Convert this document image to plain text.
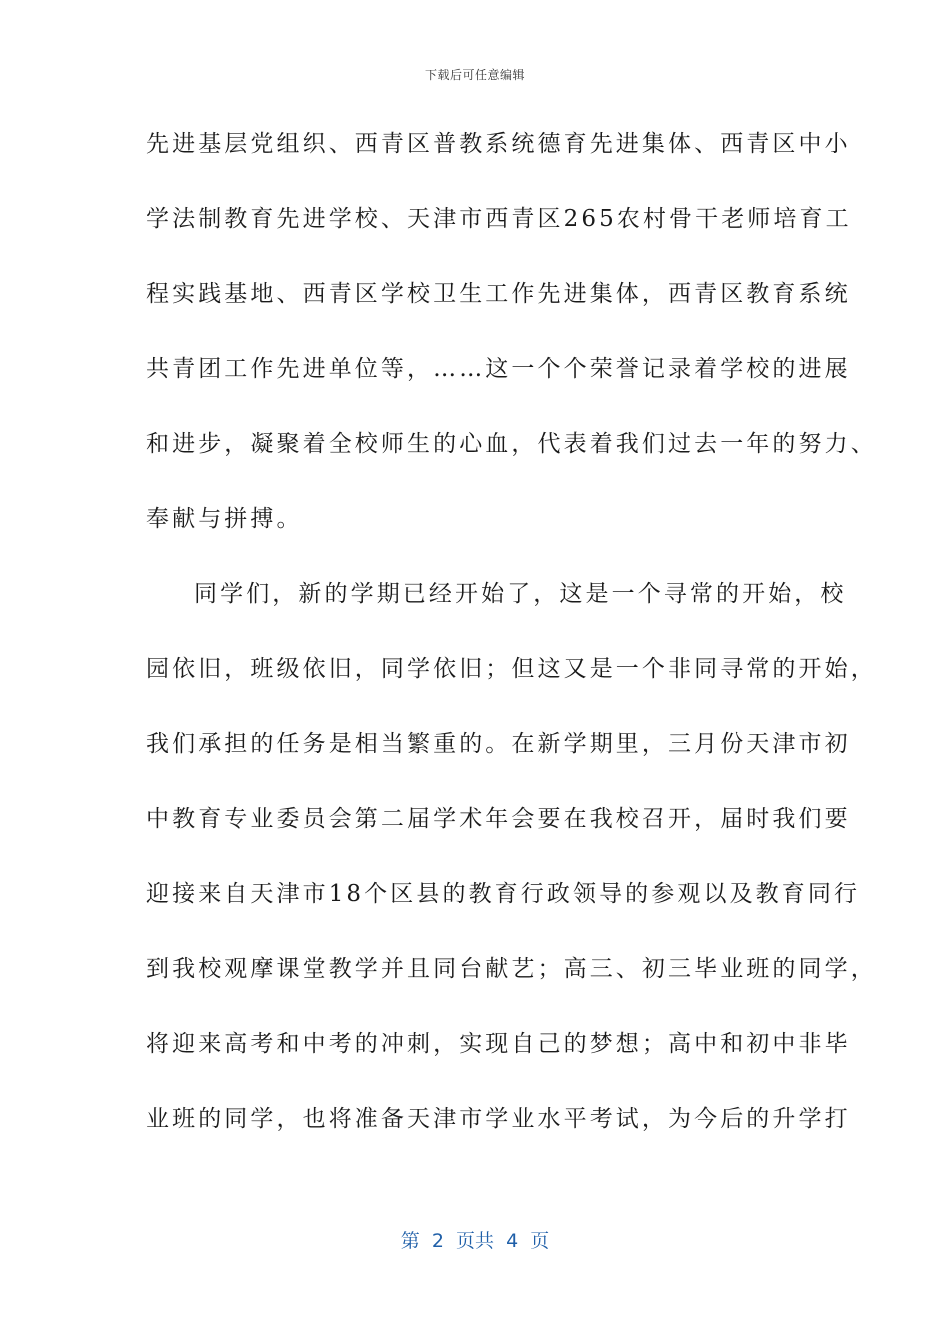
下载后可任意编辑
先进基层党组织、西青区普教系统德育先进集体、西青区中小
学法制教育先进学校、天津市西青区265农村骨干老师培育工
程实践基地、西青区学校卫生工作先进集体，西青区教育系统
共青团工作先进单位等，……这一个个荣誉记录着学校的进展
和进步，凝聚着全校师生的心血，代表着我们过去一年的努力、
奉献与拼搏。
同学们，新的学期已经开始了，这是一个寻常的开始，校
园依旧，班级依旧，同学依旧；但这又是一个非同寻常的开始，
我们承担的任务是相当繁重的。在新学期里，三月份天津市初
中教育专业委员会第二届学术年会要在我校召开，届时我们要
迎接来自天津市18个区县的教育行政领导的参观以及教育同行
到我校观摩课堂教学并且同台献艺；高三、初三毕业班的同学，
将迎来高考和中考的冲刺，实现自己的梦想；高中和初中非毕
业班的同学，也将准备天津市学业水平考试，为今后的升学打
第  2  页共  4  页
